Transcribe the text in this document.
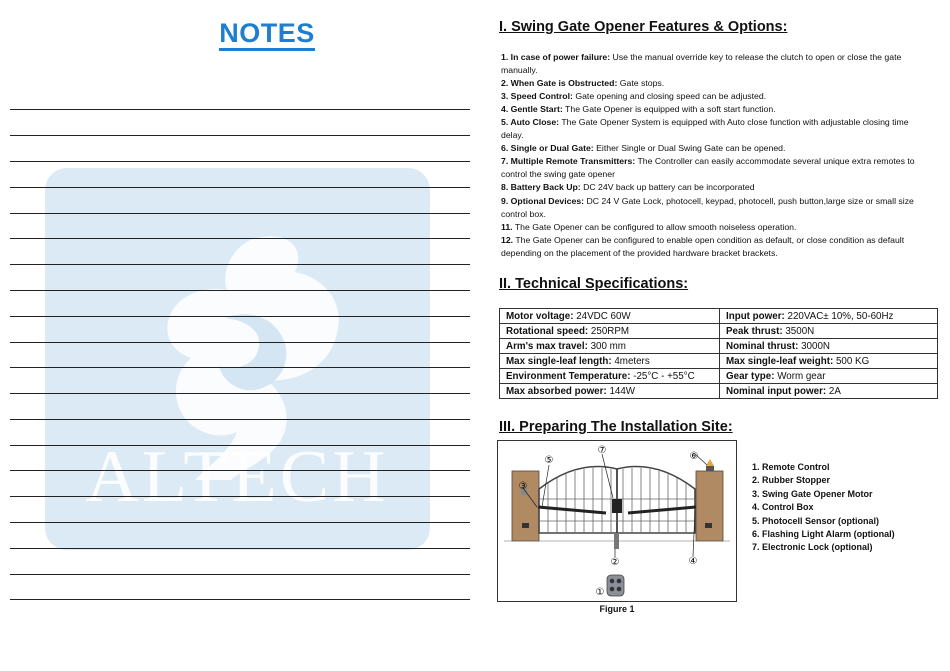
ALTECH
NOTES	I. Swing Gate Opener Features & Options:

1. In case of power failure: Use the manual override key to release the clutch to open or close the gate manually.

2. When Gate is Obstructed: Gate stops.

3. Speed Control: Gate opening and closing speed can be adjusted.

4. Gentle Start: The Gate Opener is equipped with a soft start function.

5. Auto Close: The Gate Opener System is equipped with Auto close function with adjustable closing time delay.

6. Single or Dual Gate: Either Single or Dual Swing Gate can be opened.

7. Multiple Remote Transmitters: The Controller can easily accommodate several unique extra remotes to control the swing gate opener

8. Battery Back Up: DC 24V back up battery can be incorporated

9. Optional Devices: DC 24 V Gate Lock, photocell, keypad, photocell, push button,large size or small size control box.

11. The Gate Opener can be configured to allow smooth noiseless operation.

12. The Gate Opener can be configured to enable open condition as default, or close condition as default depending on the placement of the provided hardware bracket brackets.

II. Technical Specifications:
Motor voltage: 24VDC 60W	Input power: 220VAC± 10%, 50-60Hz
Rotational speed: 250RPM	Peak thrust: 3500N
Arm's max travel: 300 mm	Nominal thrust: 3000N
Max single-leaf length: 4meters	Max single-leaf weight: 500 KG
Environment Temperature: -25°C - +55°C	Gear type: Worm gear
Max absorbed power: 144W	Nominal input power: 2A
III. Preparing The Installation Site:
⑤
⑦
⑥
③
②	④
①
Figure 1

1. Remote Control

2. Rubber Stopper

3. Swing Gate Opener Motor

4. Control Box

5. Photocell Sensor (optional)

6. Flashing Light Alarm (optional)

7. Electronic Lock (optional)
